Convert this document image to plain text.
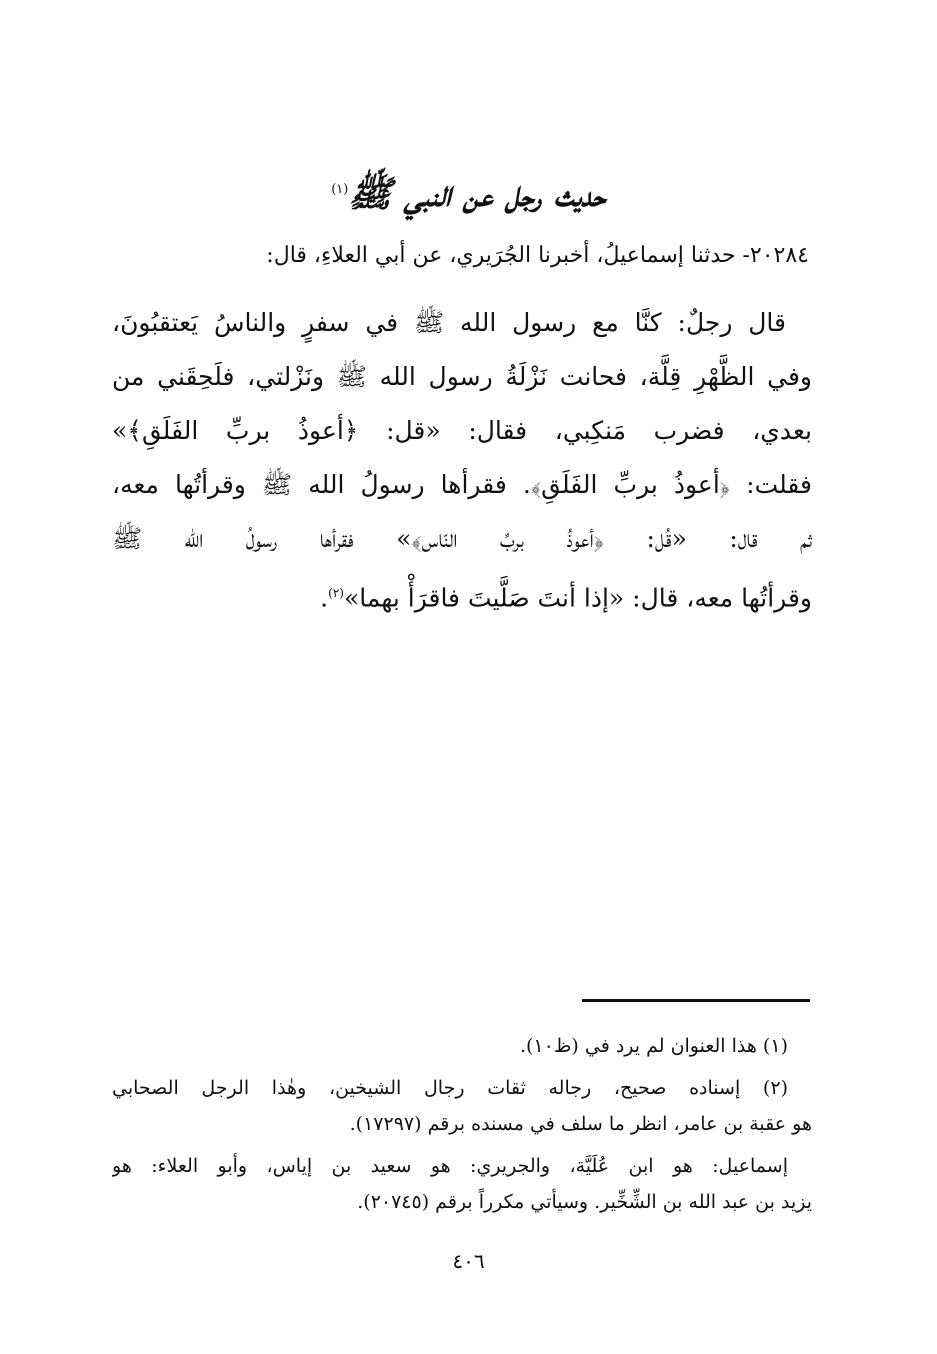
حديث رجل عن النبي ﷺ$^{(١)}$
٢٠٢٨٤- حدثنا إسماعيلُ، أخبرنا الجُرَيري، عن أبي العلاءِ، قال:
قال رجلٌ: كنَّا مع رسول الله ﷺ في سفرٍ والناسُ يَعتقبُونَ،
وفي الظَّهْرِ قِلَّة، فحانت نَزْلَةُ رسول الله ﷺ ونَزْلتي، فلَحِقَني من
بعدي، فضرب مَنكِبي، فقال: «قل: ﴿أعوذُ بربِّ الفَلَقِ﴾»
فقلت: ﴿أعوذُ بربِّ الفَلَقِ﴾. فقرأها رسولُ الله ﷺ وقرأتُها معه،
ثم قال: «قُل: ﴿أعوذُ بربِّ النّاس﴾» فقرأها رسولُ الله ﷺ
وقرأتُها معه، قال: «إذا أنتَ صَلَّيتَ فاقرَأْ بهما»$^{(٢)}$.
(١) هذا العنوان لم يرد في (ظ١٠).
(٢) إسناده صحيح، رجاله ثقات رجال الشيخين، وهٰذا الرجل الصحابي
هو عقبة بن عامر، انظر ما سلف في مسنده برقم (١٧٢٩٧).
إسماعيل: هو ابن عُلَيَّة، والجريري: هو سعيد بن إياس، وأبو العلاء: هو
يزيد بن عبد الله بن الشِّخِّير. وسيأتي مكرراً برقم (٢٠٧٤٥).
٤٠٦
